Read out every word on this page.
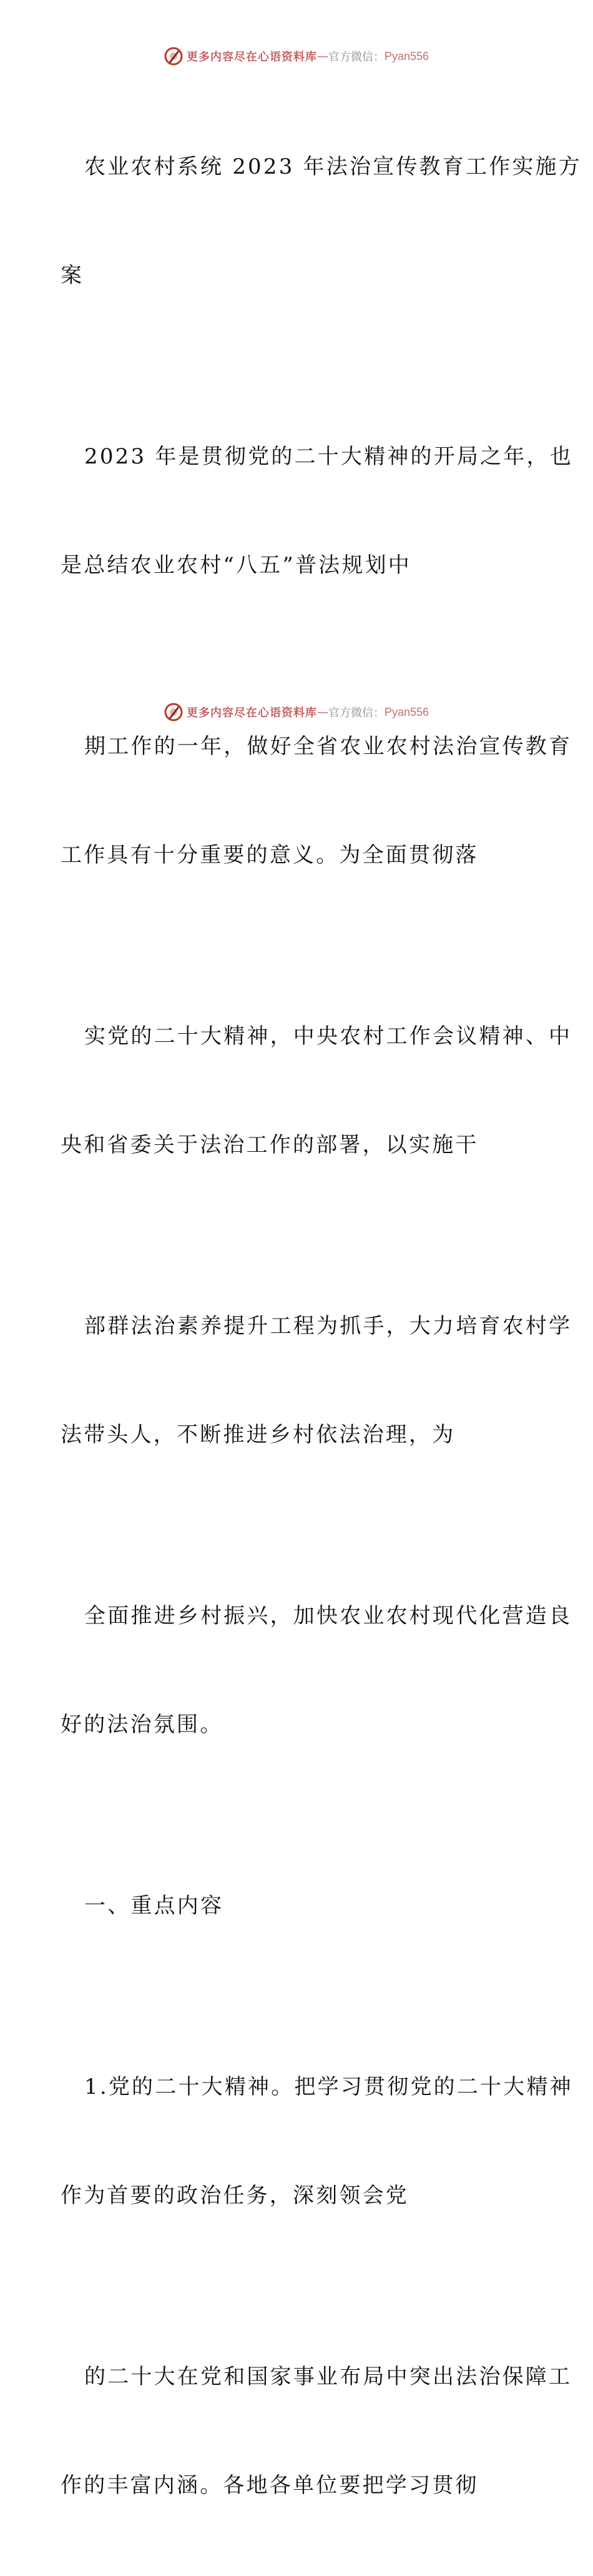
更多内容尽在心语资料库 — 官方微信： Pyan556

农业农村系统 2023 年法治宣传教育工作实施方

案

2023 年是贯彻党的二十大精神的开局之年，也

是总结农业农村“八五”普法规划中

期工作的一年，做好全省农业农村法治宣传教育

工作具有十分重要的意义。为全面贯彻落

实党的二十大精神，中央农村工作会议精神、中

央和省委关于法治工作的部署，以实施干

部群法治素养提升工程为抓手，大力培育农村学

法带头人，不断推进乡村依法治理，为

全面推进乡村振兴，加快农业农村现代化营造良

好的法治氛围。

一、重点内容

1.党的二十大精神。把学习贯彻党的二十大精神

作为首要的政治任务，深刻领会党

的二十大在党和国家事业布局中突出法治保障工

作的丰富内涵。各地各单位要把学习贯彻

更多内容尽在心语资料库 — 官方微信： Pyan556
